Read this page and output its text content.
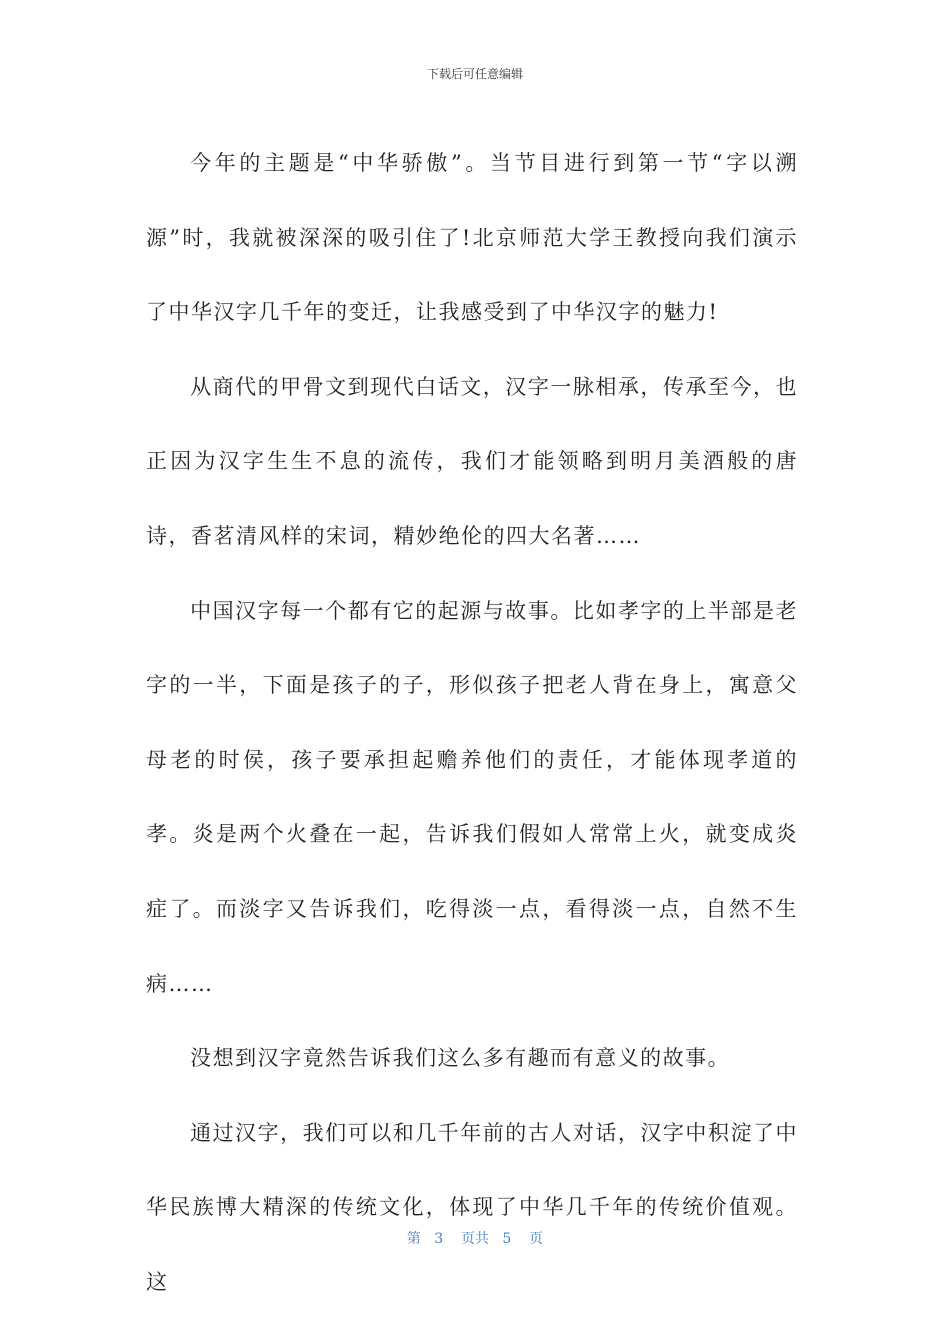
下载后可任意编辑

今年的主题是“中华骄傲”。当节目进行到第一节“字以溯源”时，我就被深深的吸引住了!北京师范大学王教授向我们演示了中华汉字几千年的变迁，让我感受到了中华汉字的魅力!

从商代的甲骨文到现代白话文，汉字一脉相承，传承至今，也正因为汉字生生不息的流传，我们才能领略到明月美酒般的唐诗，香茗清风样的宋词，精妙绝伦的四大名著……

中国汉字每一个都有它的起源与故事。比如孝字的上半部是老字的一半，下面是孩子的子，形似孩子把老人背在身上，寓意父母老的时侯，孩子要承担起赡养他们的责任，才能体现孝道的孝。炎是两个火叠在一起，告诉我们假如人常常上火，就变成炎症了。而淡字又告诉我们，吃得淡一点，看得淡一点，自然不生病……

没想到汉字竟然告诉我们这么多有趣而有意义的故事。

通过汉字，我们可以和几千年前的古人对话，汉字中积淀了中华民族博大精深的传统文化，体现了中华几千年的传统价值观。这

第 3 页共 5 页
